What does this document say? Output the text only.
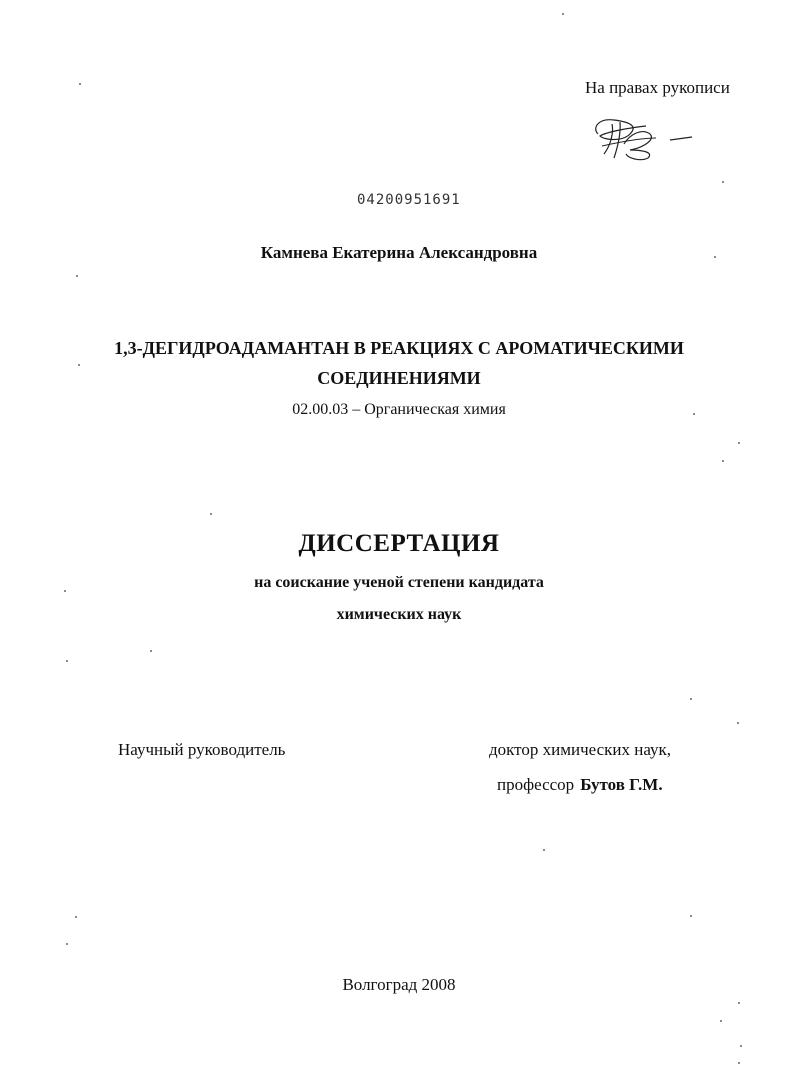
На правах рукописи
04200951691
Камнева Екатерина Александровна
1,3-ДЕГИДРОАДАМАНТАН В РЕАКЦИЯХ С АРОМАТИЧЕСКИМИ
СОЕДИНЕНИЯМИ
02.00.03 – Органическая химия
ДИССЕРТАЦИЯ
на соискание ученой степени кандидата
химических наук
Научный руководитель	доктор химических наук,
профессор Бутов Г.М.
Волгоград 2008
